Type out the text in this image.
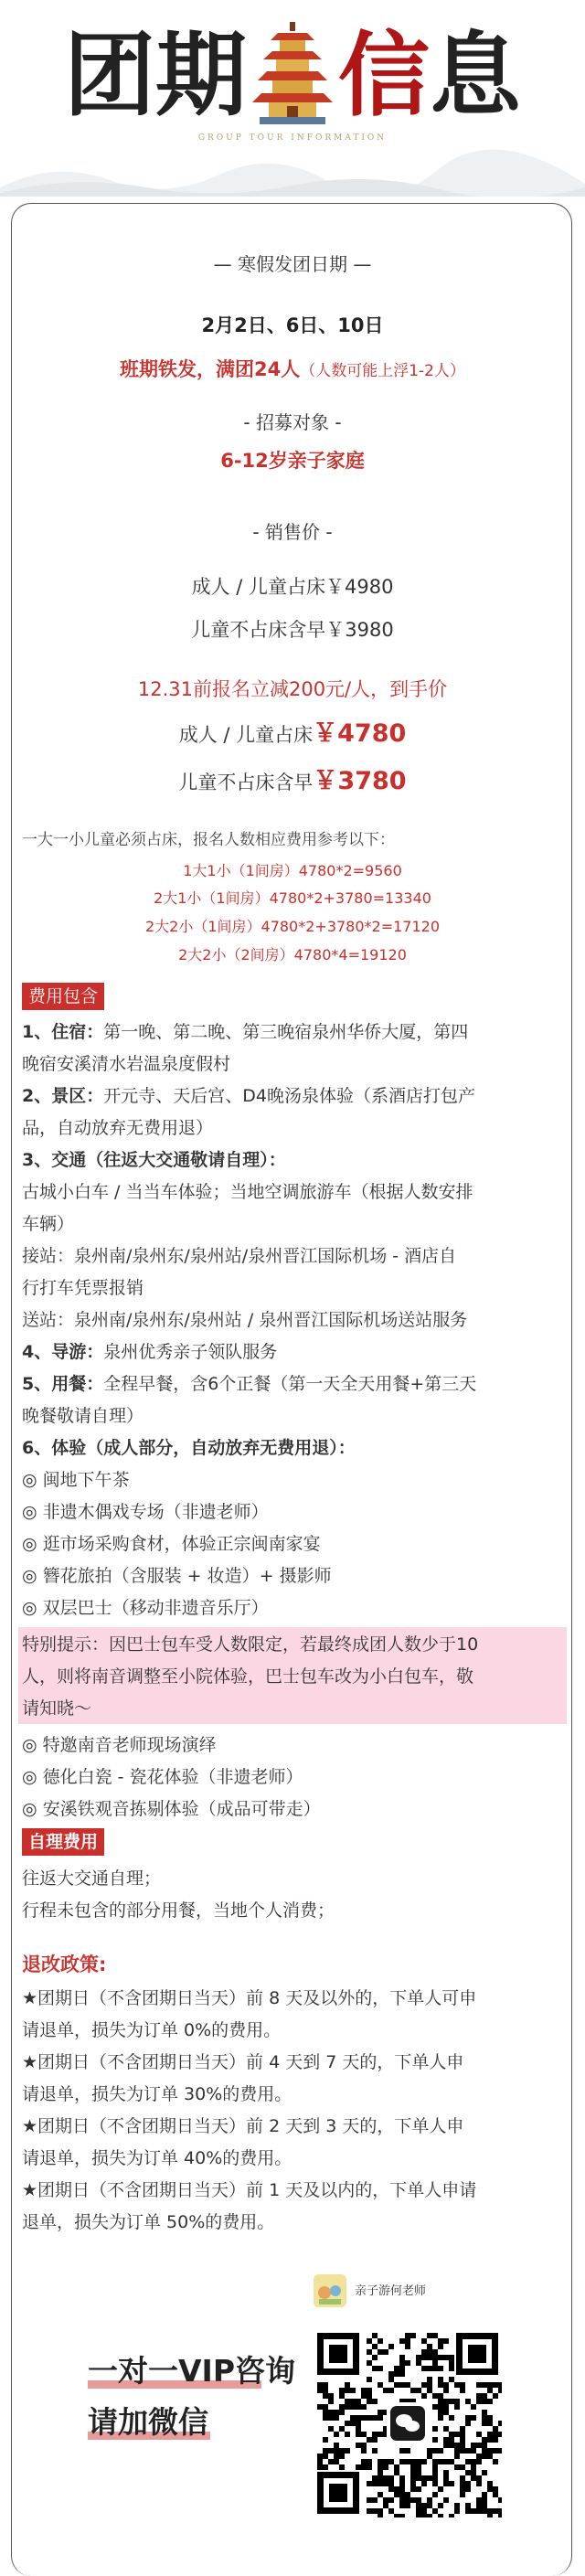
团 期 信 息
GROUP TOUR INFORMATION
— 寒假发团日期 —
2月2日、6日、10日
班期铁发，满团24人（人数可能上浮1-2人）
- 招募对象 -
6-12岁亲子家庭
- 销售价 -
成人 / 儿童占床￥4980
儿童不占床含早￥3980
12.31前报名立减200元/人，到手价
成人 / 儿童占床￥4780
儿童不占床含早￥3780
一大一小儿童必须占床，报名人数相应费用参考以下：
1大1小（1间房）4780*2=9560
2大1小（1间房）4780*2+3780=13340
2大2小（1间房）4780*2+3780*2=17120
2大2小（2间房）4780*4=19120
费用包含
1、住宿：第一晚、第二晚、第三晚宿泉州华侨大厦，第四
晚宿安溪清水岩温泉度假村
2、景区：开元寺、天后宫、D4晚汤泉体验（系酒店打包产
品，自动放弃无费用退）
3、交通（往返大交通敬请自理）：
古城小白车 / 当当车体验；当地空调旅游车（根据人数安排
车辆）
接站：泉州南/泉州东/泉州站/泉州晋江国际机场 - 酒店自
行打车凭票报销
送站：泉州南/泉州东/泉州站 / 泉州晋江国际机场送站服务
4、导游：泉州优秀亲子领队服务
5、用餐：全程早餐，含6个正餐（第一天全天用餐+第三天
晚餐敬请自理）
6、体验（成人部分，自动放弃无费用退）：
◎ 闽地下午茶
◎ 非遗木偶戏专场（非遗老师）
◎ 逛市场采购食材，体验正宗闽南家宴
◎ 簪花旅拍（含服装 + 妆造）+ 摄影师
◎ 双层巴士（移动非遗音乐厅）
特别提示：因巴士包车受人数限定，若最终成团人数少于10
人，则将南音调整至小院体验，巴士包车改为小白包车，敬
请知晓～
◎ 特邀南音老师现场演绎
◎ 德化白瓷 - 瓷花体验（非遗老师）
◎ 安溪铁观音拣剔体验（成品可带走）
自理费用
往返大交通自理；
行程未包含的部分用餐，当地个人消费；
退改政策:
★团期日（不含团期日当天）前 8 天及以外的，下单人可申
请退单，损失为订单 0%的费用。
★团期日（不含团期日当天）前 4 天到 7 天的，下单人申
请退单，损失为订单 30%的费用。
★团期日（不含团期日当天）前 2 天到 3 天的，下单人申
请退单，损失为订单 40%的费用。
★团期日（不含团期日当天）前 1 天及以内的，下单人申请
退单，损失为订单 50%的费用。
一对一VIP咨询
请加微信
亲子游何老师
